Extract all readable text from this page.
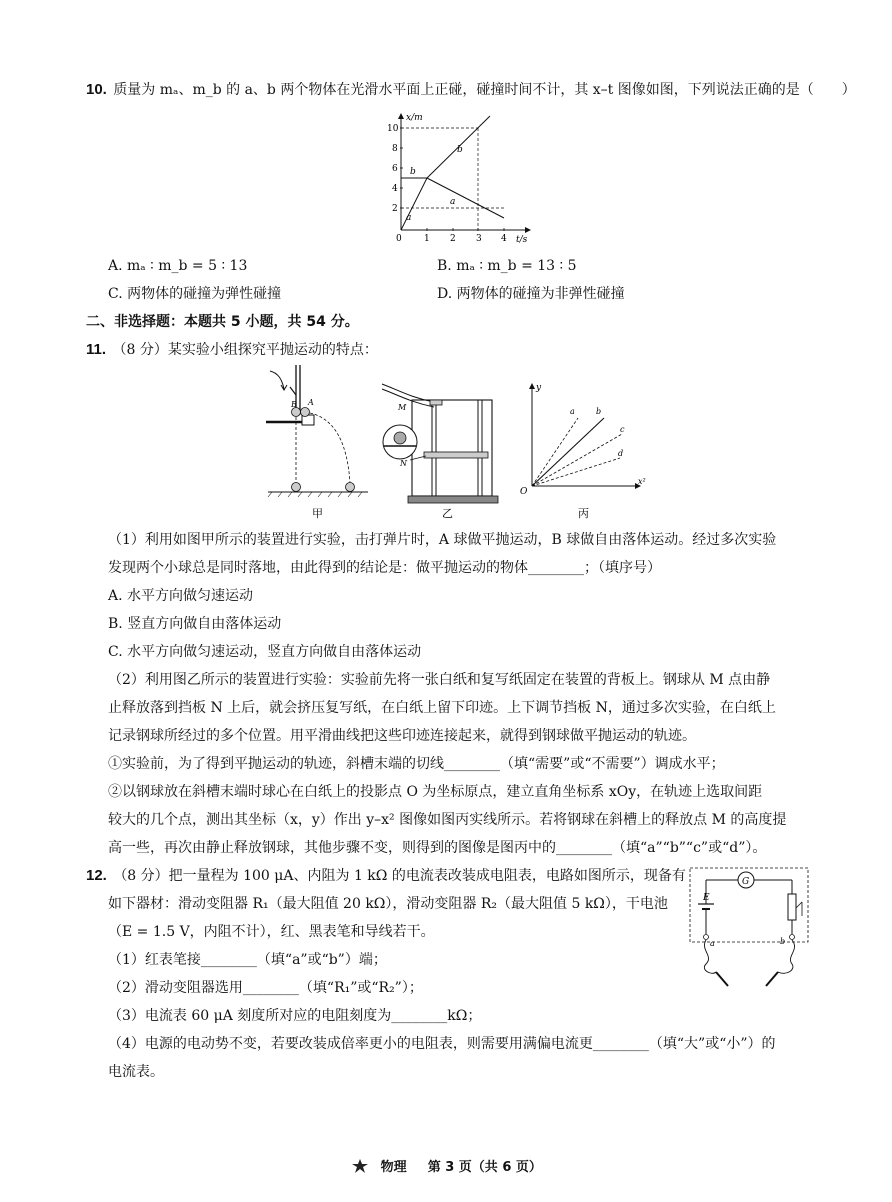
10. 质量为 mₐ、m_b 的 a、b 两个物体在光滑水平面上正碰，碰撞时间不计，其 x–t 图像如图，下列说法正确的是（　　）
x/m
t/s
0
2
4
6
8
10
1 2 3 4
a
b
b
a
A. mₐ ∶ m_b = 5 ∶ 13	B. mₐ ∶ m_b = 13 ∶ 5
C. 两物体的碰撞为弹性碰撞	D. 两物体的碰撞为非弹性碰撞
二、非选择题：本题共 5 小题，共 54 分。
11. （8 分）某实验小组探究平抛运动的特点：
B A
甲
M
N
乙
y
x²
O
a	b
c
d
丙
（1）利用如图甲所示的装置进行实验，击打弹片时，A 球做平抛运动，B 球做自由落体运动。经过多次实验
发现两个小球总是同时落地，由此得到的结论是：做平抛运动的物体________；（填序号）
A. 水平方向做匀速运动
B. 竖直方向做自由落体运动
C. 水平方向做匀速运动，竖直方向做自由落体运动
（2）利用图乙所示的装置进行实验：实验前先将一张白纸和复写纸固定在装置的背板上。钢球从 M 点由静
止释放落到挡板 N 上后，就会挤压复写纸，在白纸上留下印迹。上下调节挡板 N，通过多次实验，在白纸上
记录钢球所经过的多个位置。用平滑曲线把这些印迹连接起来，就得到钢球做平抛运动的轨迹。
①实验前，为了得到平抛运动的轨迹，斜槽末端的切线________（填“需要”或“不需要”）调成水平；
②以钢球放在斜槽末端时球心在白纸上的投影点 O 为坐标原点，建立直角坐标系 xOy，在轨迹上选取间距
较大的几个点，测出其坐标（x，y）作出 y–x² 图像如图丙实线所示。若将钢球在斜槽上的释放点 M 的高度提
高一些，再次由静止释放钢球，其他步骤不变，则得到的图像是图丙中的________（填“a”“b”“c”或“d”）。
12. （8 分）把一量程为 100 μA、内阻为 1 kΩ 的电流表改装成电阻表，电路如图所示，现备有
如下器材：滑动变阻器 R₁（最大阻值 20 kΩ），滑动变阻器 R₂（最大阻值 5 kΩ），干电池
（E = 1.5 V，内阻不计），红、黑表笔和导线若干。
（1）红表笔接________（填“a”或“b”）端；
（2）滑动变阻器选用________（填“R₁”或“R₂”）；
（3）电流表 60 μA 刻度所对应的电阻刻度为________kΩ；
（4）电源的电动势不变，若要改装成倍率更小的电阻表，则需要用满偏电流更________（填“大”或“小”）的
电流表。
G
E
a	b
物理 第 3 页（共 6 页）
